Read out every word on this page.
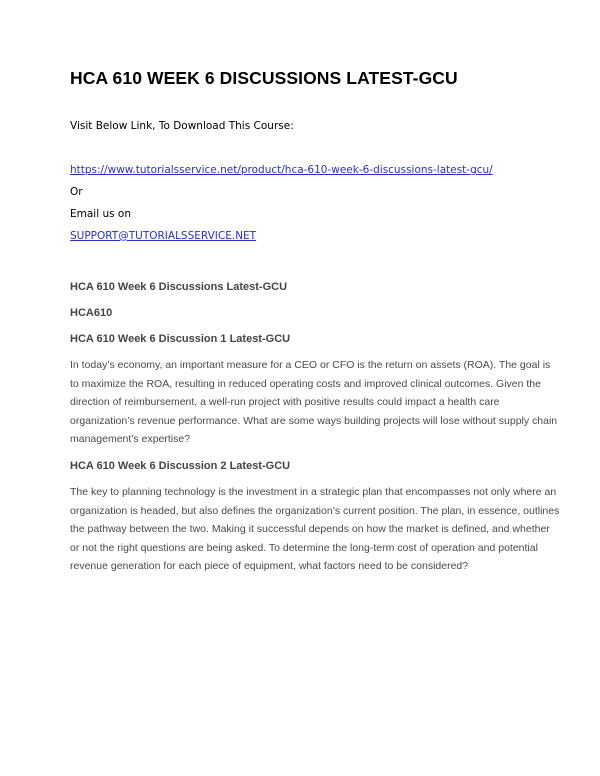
HCA 610 WEEK 6 DISCUSSIONS LATEST-GCU
Visit Below Link, To Download This Course:
https://www.tutorialsservice.net/product/hca-610-week-6-discussions-latest-gcu/
Or
Email us on
SUPPORT@TUTORIALSSERVICE.NET
HCA 610 Week 6 Discussions Latest-GCU
HCA610
HCA 610 Week 6 Discussion 1 Latest-GCU
In today’s economy, an important measure for a CEO or CFO is the return on assets (ROA). The goal is
to maximize the ROA, resulting in reduced operating costs and improved clinical outcomes. Given the
direction of reimbursement, a well-run project with positive results could impact a health care
organization’s revenue performance. What are some ways building projects will lose without supply chain
management’s expertise?
HCA 610 Week 6 Discussion 2 Latest-GCU
The key to planning technology is the investment in a strategic plan that encompasses not only where an
organization is headed, but also defines the organization’s current position. The plan, in essence, outlines
the pathway between the two. Making it successful depends on how the market is defined, and whether
or not the right questions are being asked. To determine the long-term cost of operation and potential
revenue generation for each piece of equipment, what factors need to be considered?
